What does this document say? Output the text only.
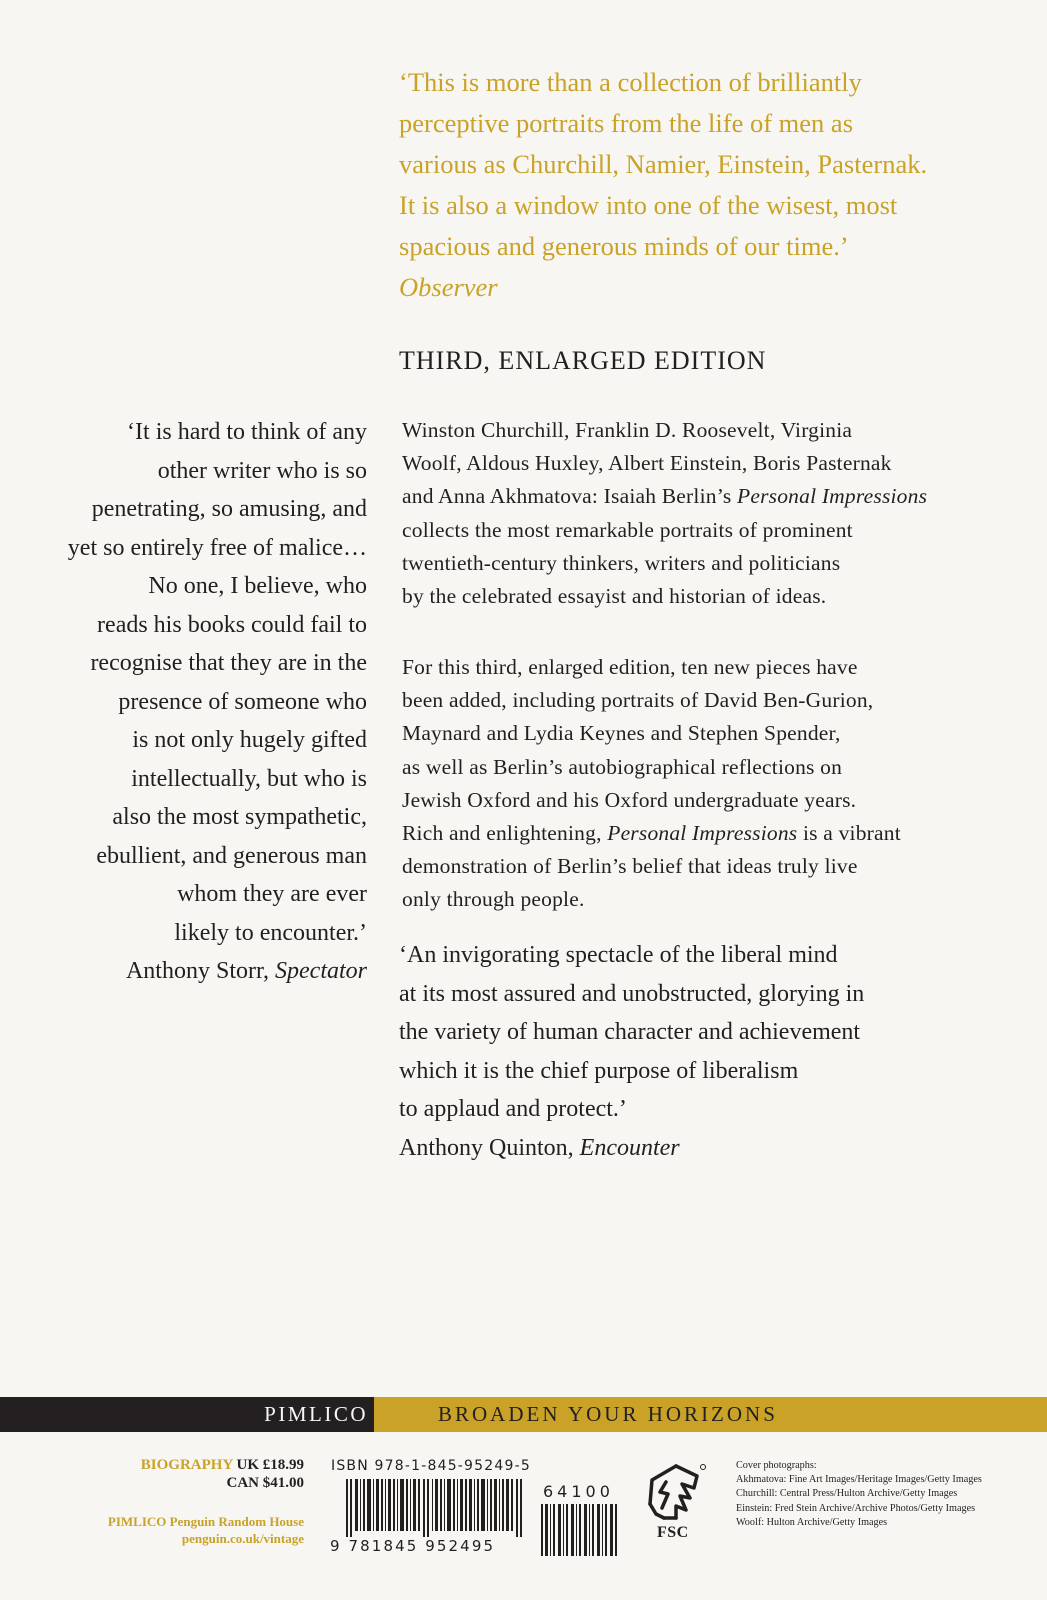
‘This is more than a collection of brilliantly
perceptive portraits from the life of men as
various as Churchill, Namier, Einstein, Pasternak.
It is also a window into one of the wisest, most
spacious and generous minds of our time.’
Observer
THIRD, ENLARGED EDITION
‘It is hard to think of any
other writer who is so
penetrating, so amusing, and
yet so entirely free of malice…
No one, I believe, who
reads his books could fail to
recognise that they are in the
presence of someone who
is not only hugely gifted
intellectually, but who is
also the most sympathetic,
ebullient, and generous man
whom they are ever
likely to encounter.’
Anthony Storr, Spectator
Winston Churchill, Franklin D. Roosevelt, Virginia
Woolf, Aldous Huxley, Albert Einstein, Boris Pasternak
and Anna Akhmatova: Isaiah Berlin’s Personal Impressions
collects the most remarkable portraits of prominent
twentieth-century thinkers, writers and politicians
by the celebrated essayist and historian of ideas.
For this third, enlarged edition, ten new pieces have
been added, including portraits of David Ben-Gurion,
Maynard and Lydia Keynes and Stephen Spender,
as well as Berlin’s autobiographical reflections on
Jewish Oxford and his Oxford undergraduate years.
Rich and enlightening, Personal Impressions is a vibrant
demonstration of Berlin’s belief that ideas truly live
only through people.
‘An invigorating spectacle of the liberal mind
at its most assured and unobstructed, glorying in
the variety of human character and achievement
which it is the chief purpose of liberalism
to applaud and protect.’
Anthony Quinton, Encounter
PIMLICO	BROADEN YOUR HORIZONS
BIOGRAPHY UK £18.99
CAN $41.00
PIMLICO Penguin Random House
penguin.co.uk/vintage
ISBN 978-1-845-95249-5
9 781845 952495
64100
FSC
Cover photographs:
Akhmatova: Fine Art Images/Heritage Images/Getty Images
Churchill: Central Press/Hulton Archive/Getty Images
Einstein: Fred Stein Archive/Archive Photos/Getty Images
Woolf: Hulton Archive/Getty Images
